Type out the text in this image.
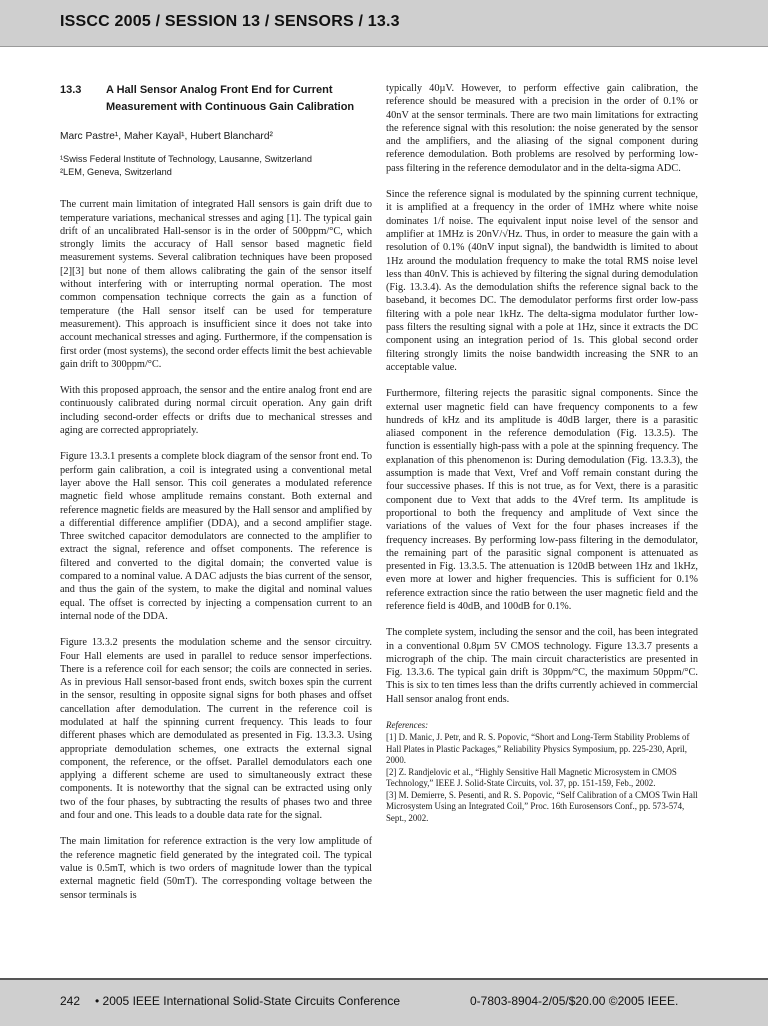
ISSCC 2005 / SESSION 13 / SENSORS / 13.3
13.3	A Hall Sensor Analog Front End for Current Measurement with Continuous Gain Calibration
Marc Pastre¹, Maher Kayal¹, Hubert Blanchard²
¹Swiss Federal Institute of Technology, Lausanne, Switzerland
²LEM, Geneva, Switzerland

The current main limitation of integrated Hall sensors is gain drift due to temperature variations, mechanical stresses and aging [1]. The typical gain drift of an uncalibrated Hall-sensor is in the order of 500ppm/°C, which strongly limits the accuracy of Hall sensor based magnetic field measurement systems. Several calibration techniques have been proposed [2][3] but none of them allows calibrating the gain of the sensor itself without interfering with or interrupting normal operation. The most common compensation technique corrects the gain as a function of temperature (the Hall sensor itself can be used for temperature measurement). This approach is insufficient since it does not take into account mechanical stresses and aging. Furthermore, if the compensation is first order (most systems), the second order effects limit the best achievable gain drift to 300ppm/°C.

With this proposed approach, the sensor and the entire analog front end are continuously calibrated during normal circuit operation. Any gain drift including second-order effects or drifts due to mechanical stresses and aging are corrected appropriately.

Figure 13.3.1 presents a complete block diagram of the sensor front end. To perform gain calibration, a coil is integrated using a conventional metal layer above the Hall sensor. This coil generates a modulated reference magnetic field whose amplitude remains constant. Both external and reference magnetic fields are measured by the Hall sensor and amplified by a differential difference amplifier (DDA), and a second amplifier stage. Three switched capacitor demodulators are connected to the amplifier to extract the signal, reference and offset components. The reference is filtered and converted to the digital domain; the converted value is compared to a nominal value. A DAC adjusts the bias current of the sensor, and thus the gain of the system, to make the digital and nominal values equal. The offset is corrected by injecting a compensation current to an internal node of the DDA.

Figure 13.3.2 presents the modulation scheme and the sensor circuitry. Four Hall elements are used in parallel to reduce sensor imperfections. There is a reference coil for each sensor; the coils are connected in series. As in previous Hall sensor-based front ends, switch boxes spin the current in the sensor, resulting in opposite signal signs for both phases and offset cancellation after demodulation. The current in the reference coil is modulated at half the spinning current frequency. This leads to four different phases which are demodulated as presented in Fig. 13.3.3. Using appropriate demodulation schemes, one extracts the external signal component, the reference, or the offset. Parallel demodulators each one applying a different scheme are used to simultaneously extract these components. It is noteworthy that the signal can be extracted using only two of the four phases, by subtracting the results of phases two and three and four and one. This leads to a double data rate for the signal.

The main limitation for reference extraction is the very low amplitude of the reference magnetic field generated by the integrated coil. The typical value is 0.5mT, which is two orders of magnitude lower than the typical external magnetic field (50mT). The corresponding voltage between the sensor terminals is

typically 40µV. However, to perform effective gain calibration, the reference should be measured with a precision in the order of 0.1% or 40nV at the sensor terminals. There are two main limitations for extracting the reference signal with this resolution: the noise generated by the sensor and the amplifiers, and the aliasing of the signal component during reference demodulation. Both problems are resolved by performing low-pass filtering in the reference demodulator and in the delta-sigma ADC.

Since the reference signal is modulated by the spinning current technique, it is amplified at a frequency in the order of 1MHz where white noise dominates 1/f noise. The equivalent input noise level of the sensor and amplifier at 1MHz is 20nV/√Hz. Thus, in order to measure the gain with a resolution of 0.1% (40nV input signal), the bandwidth is limited to about 1Hz around the modulation frequency to make the total RMS noise level less than 40nV. This is achieved by filtering the signal during demodulation (Fig. 13.3.4). As the demodulation shifts the reference signal back to the baseband, it becomes DC. The demodulator performs first order low-pass filtering with a pole near 1kHz. The delta-sigma modulator further low-pass filters the resulting signal with a pole at 1Hz, since it extracts the DC component using an integration period of 1s. This global second order filtering strongly limits the noise bandwidth increasing the SNR to an acceptable value.

Furthermore, filtering rejects the parasitic signal components. Since the external user magnetic field can have frequency components to a few hundreds of kHz and its amplitude is 40dB larger, there is a parasitic aliased component in the reference demodulation (Fig. 13.3.5). The function is essentially high-pass with a pole at the spinning frequency. The explanation of this phenomenon is: During demodulation (Fig. 13.3.3), the assumption is made that Vext, Vref and Voff remain constant during the four successive phases. If this is not true, as for Vext, there is a parasitic component due to Vext that adds to the 4Vref term. Its amplitude is proportional to both the frequency and amplitude of Vext since the variations of the values of Vext for the four phases increases if the frequency increases. By performing low-pass filtering in the demodulator, the remaining part of the parasitic signal component is attenuated as presented in Fig. 13.3.5. The attenuation is 120dB between 1Hz and 1kHz, even more at lower and higher frequencies. This is sufficient for 0.1% reference extraction since the ratio between the user magnetic field and the reference field is 40dB, and 100dB for 0.1%.

The complete system, including the sensor and the coil, has been integrated in a conventional 0.8µm 5V CMOS technology. Figure 13.3.7 presents a micrograph of the chip. The main circuit characteristics are presented in Fig. 13.3.6. The typical gain drift is 30ppm/°C, the maximum 50ppm/°C. This is six to ten times less than the drifts currently achieved in commercial Hall sensor analog front ends.

References:
[1] D. Manic, J. Petr, and R. S. Popovic, “Short and Long-Term Stability Problems of Hall Plates in Plastic Packages,” Reliability Physics Symposium, pp. 225-230, April, 2000.
[2] Z. Randjelovic et al., “Highly Sensitive Hall Magnetic Microsystem in CMOS Technology,” IEEE J. Solid-State Circuits, vol. 37, pp. 151-159, Feb., 2002.
[3] M. Demierre, S. Pesenti, and R. S. Popovic, “Self Calibration of a CMOS Twin Hall Microsystem Using an Integrated Coil,” Proc. 16th Eurosensors Conf., pp. 573-574, Sept., 2002.
242 • 2005 IEEE International Solid-State Circuits Conference	0-7803-8904-2/05/$20.00 ©2005 IEEE.
